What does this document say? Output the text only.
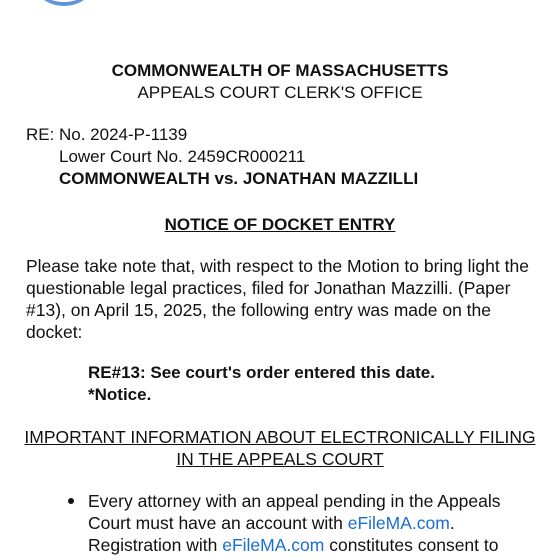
COMMONWEALTH OF MASSACHUSETTS
APPEALS COURT CLERK'S OFFICE
RE: No. 2024-P-1139
Lower Court No. 2459CR000211
COMMONWEALTH vs. JONATHAN MAZZILLI
NOTICE OF DOCKET ENTRY
Please take note that, with respect to the Motion to bring light the questionable legal practices, filed for Jonathan Mazzilli. (Paper #13), on April 15, 2025, the following entry was made on the docket:
RE#13: See court's order entered this date.
*Notice.
IMPORTANT INFORMATION ABOUT ELECTRONICALLY FILING
IN THE APPEALS COURT
Every attorney with an appeal pending in the Appeals Court must have an account with eFileMA.com. Registration with eFileMA.com constitutes consent to
